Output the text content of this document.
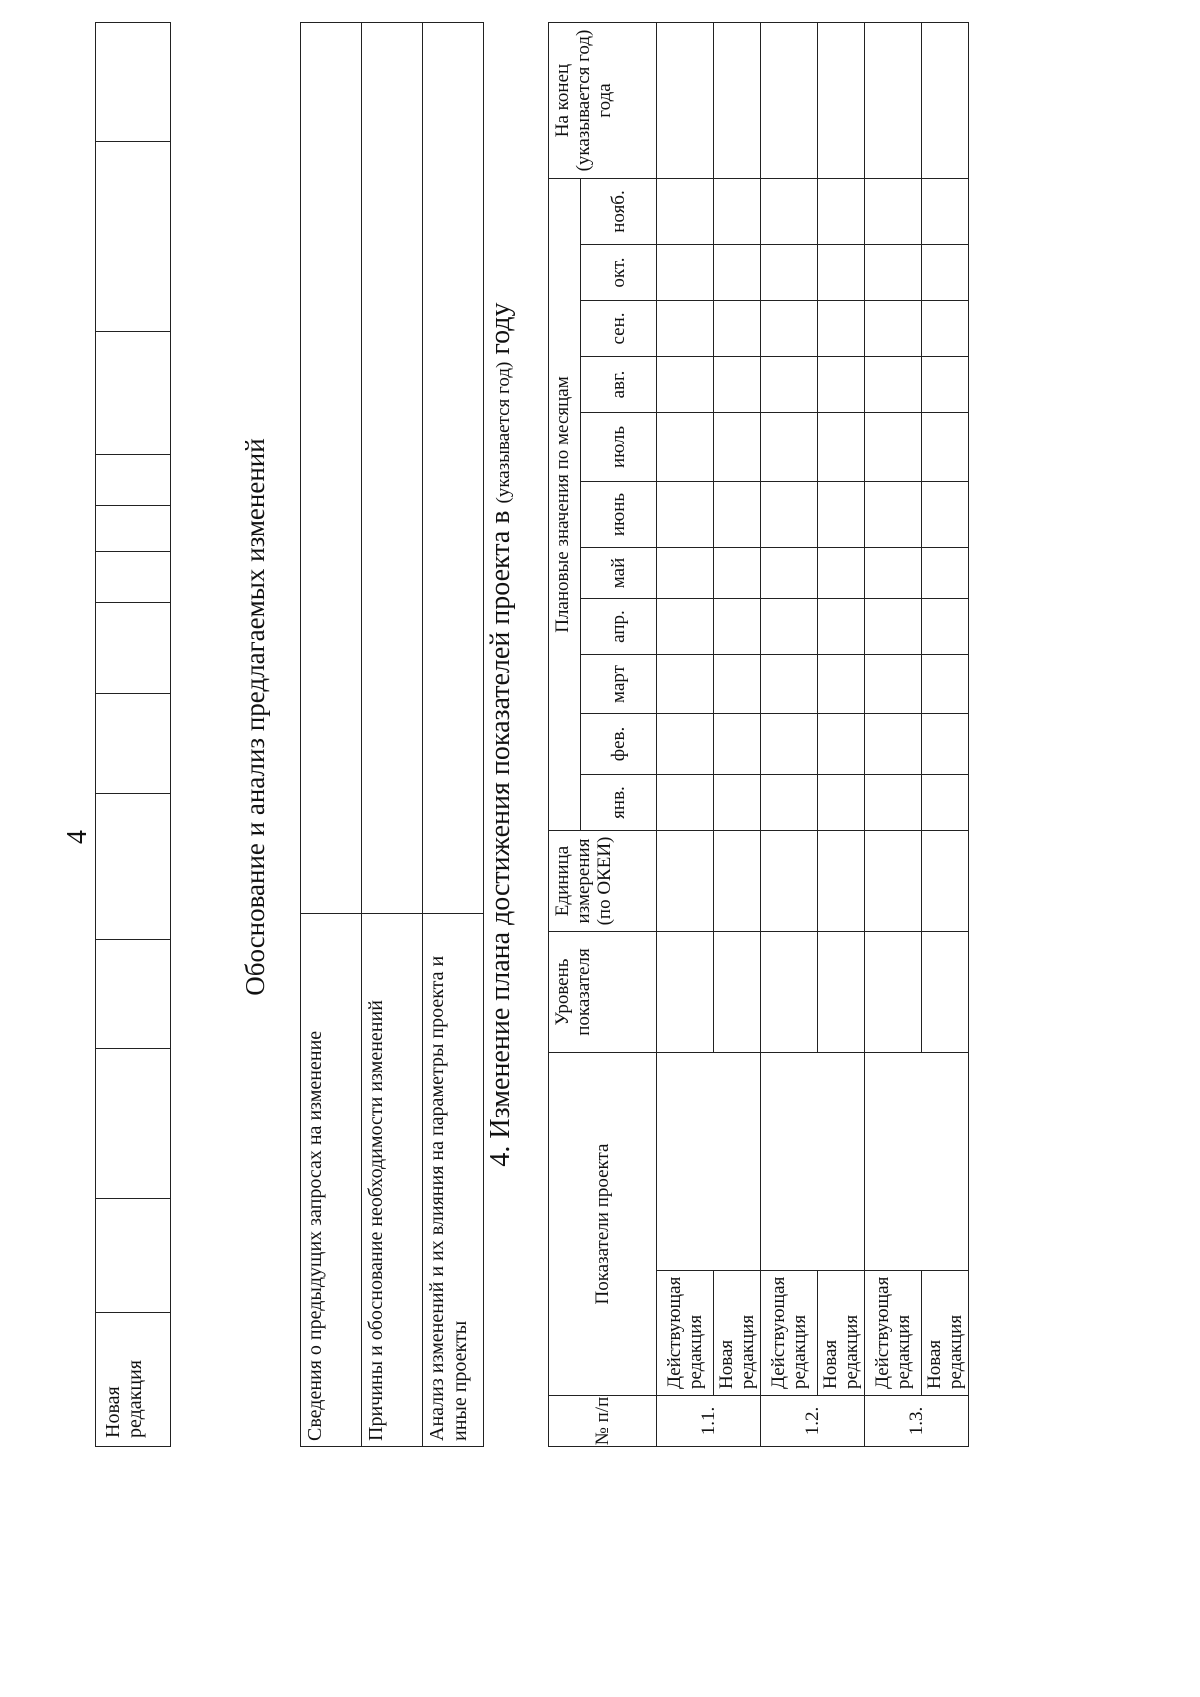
4
Новая редакция												
Обоснование и анализ предлагаемых изменений
Сведения о предыдущих запросах на изменение	
Причины и обоснование необходимости изменений	
Анализ изменений и их влияния на параметры проекта и иные проекты	
4. Изменение плана достижения показателей проекта в (указывается год) году
№ п/п	Показатели проекта		Уровень показателя	Единица измерения (по ОКЕИ)	Плановые значения по месяцам											На конец (указывается год) года
					янв.	фев.	март	апр.	май	июнь	июль	авг.	сен.	окт.	нояб.	
1.1.	Действующая редакция															
	Новая редакция															
1.2.	Действующая редакция															
	Новая редакция															
1.3.	Действующая редакция															
	Новая редакция															
